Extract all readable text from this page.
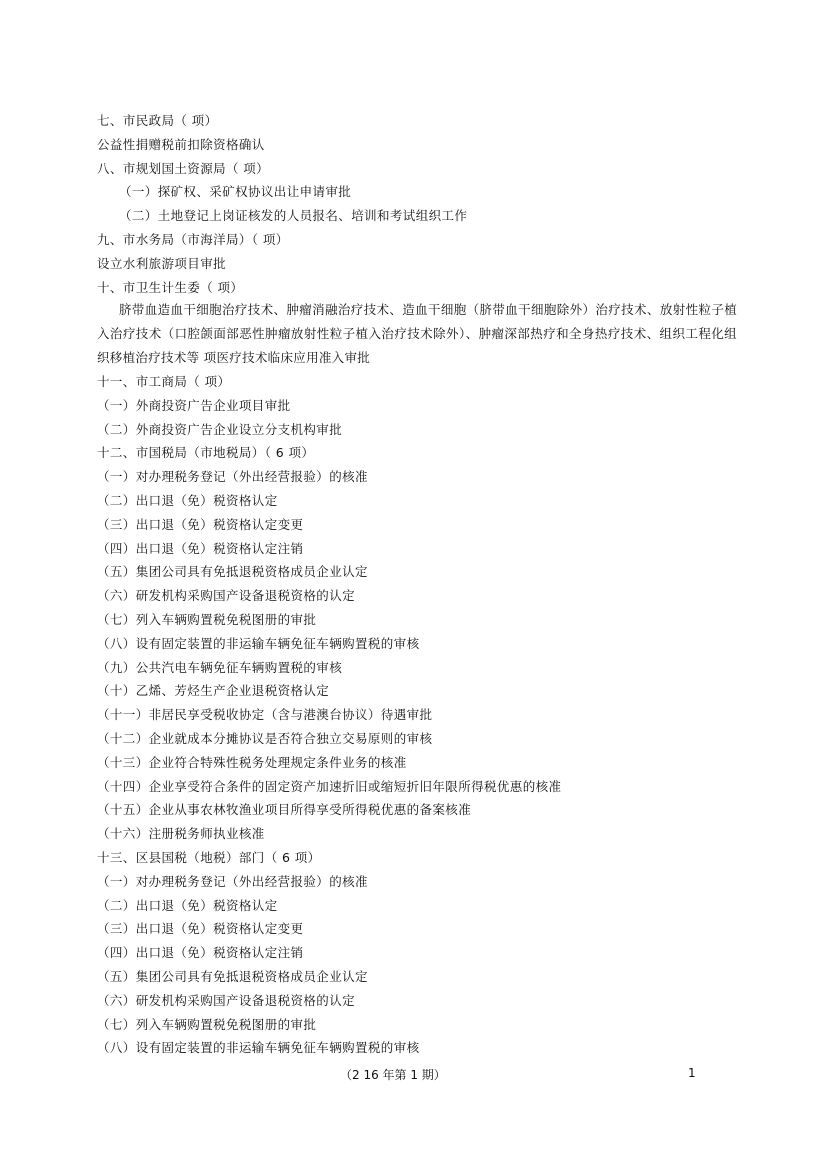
七、市民政局（ 项）
公益性捐赠税前扣除资格确认
八、市规划国土资源局（ 项）
（一）探矿权、采矿权协议出让申请审批
（二）土地登记上岗证核发的人员报名、培训和考试组织工作
九、市水务局（市海洋局）（ 项）
设立水利旅游项目审批
十、市卫生计生委（ 项）
脐带血造血干细胞治疗技术、肿瘤消融治疗技术、造血干细胞（脐带血干细胞除外）治疗技术、放射性粒子植入治疗技术（口腔颌面部恶性肿瘤放射性粒子植入治疗技术除外）、肿瘤深部热疗和全身热疗技术、组织工程化组织移植治疗技术等 项医疗技术临床应用准入审批
十一、市工商局（ 项）
（一）外商投资广告企业项目审批
（二）外商投资广告企业设立分支机构审批
十二、市国税局（市地税局）（ 6 项）
（一）对办理税务登记（外出经营报验）的核准
（二）出口退（免）税资格认定
（三）出口退（免）税资格认定变更
（四）出口退（免）税资格认定注销
（五）集团公司具有免抵退税资格成员企业认定
（六）研发机构采购国产设备退税资格的认定
（七）列入车辆购置税免税图册的审批
（八）设有固定装置的非运输车辆免征车辆购置税的审核
（九）公共汽电车辆免征车辆购置税的审核
（十）乙烯、芳烃生产企业退税资格认定
（十一）非居民享受税收协定（含与港澳台协议）待遇审批
（十二）企业就成本分摊协议是否符合独立交易原则的审核
（十三）企业符合特殊性税务处理规定条件业务的核准
（十四）企业享受符合条件的固定资产加速折旧或缩短折旧年限所得税优惠的核准
（十五）企业从事农林牧渔业项目所得享受所得税优惠的备案核准
（十六）注册税务师执业核准
十三、区县国税（地税）部门（ 6 项）
（一）对办理税务登记（外出经营报验）的核准
（二）出口退（免）税资格认定
（三）出口退（免）税资格认定变更
（四）出口退（免）税资格认定注销
（五）集团公司具有免抵退税资格成员企业认定
（六）研发机构采购国产设备退税资格的认定
（七）列入车辆购置税免税图册的审批
（八）设有固定装置的非运输车辆免征车辆购置税的审核
（2 16 年第 1 期）	1
